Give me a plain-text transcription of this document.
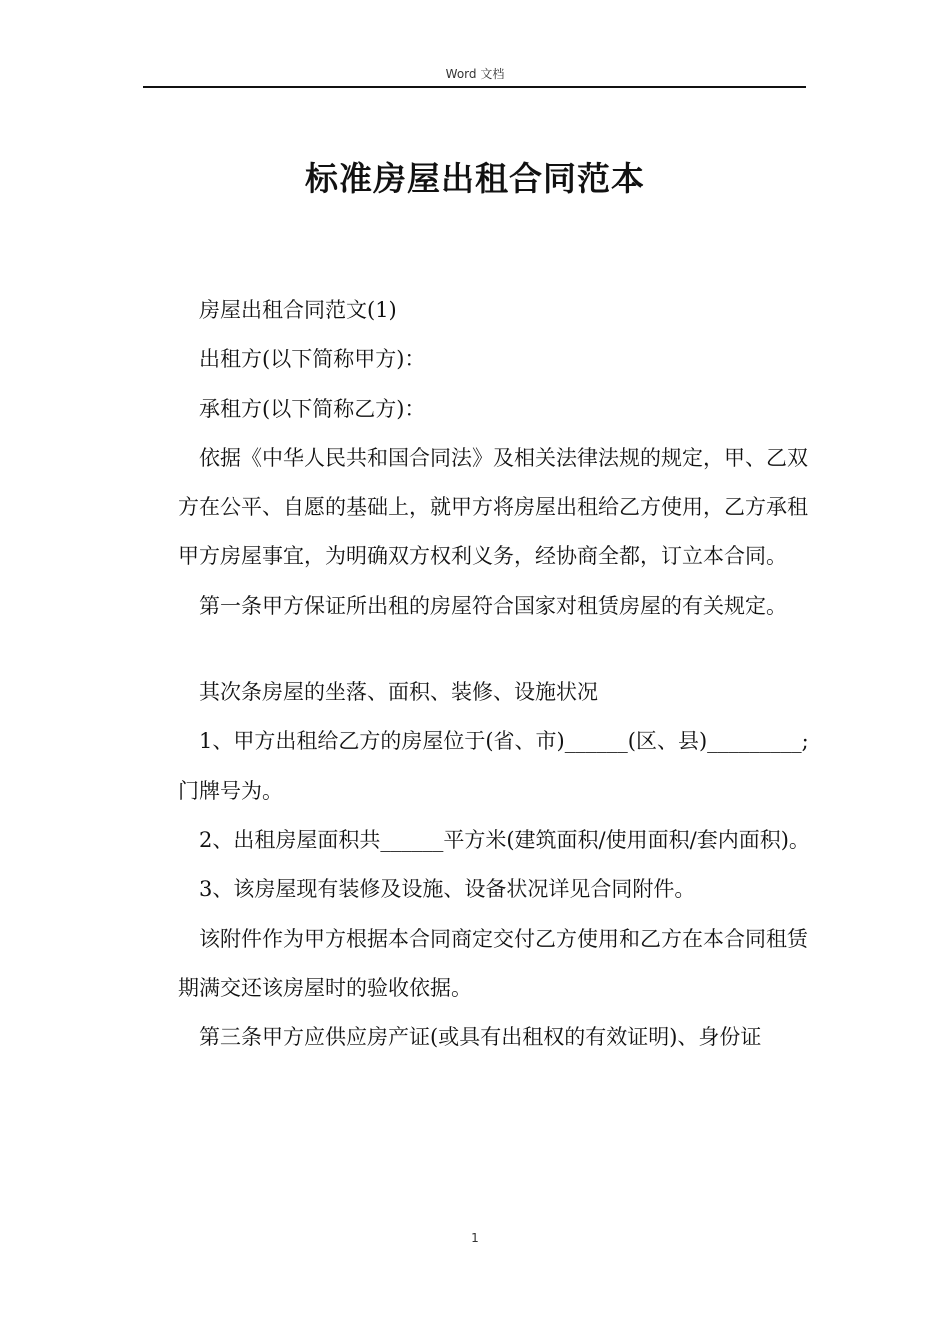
Word 文档
标准房屋出租合同范本

房屋出租合同范文(1)

出租方(以下简称甲方)：

承租方(以下简称乙方)：

依据《中华人民共和国合同法》及相关法律法规的规定，甲、乙双方在公平、自愿的基础上，就甲方将房屋出租给乙方使用，乙方承租甲方房屋事宜，为明确双方权利义务，经协商全都，订立本合同。

第一条甲方保证所出租的房屋符合国家对租赁房屋的有关规定。

其次条房屋的坐落、面积、装修、设施状况

1、甲方出租给乙方的房屋位于(省、市)______(区、县)_________;门牌号为。

2、出租房屋面积共______平方米(建筑面积/使用面积/套内面积)。

3、该房屋现有装修及设施、设备状况详见合同附件。

该附件作为甲方根据本合同商定交付乙方使用和乙方在本合同租赁期满交还该房屋时的验收依据。

第三条甲方应供应房产证(或具有出租权的有效证明)、身份证

1
